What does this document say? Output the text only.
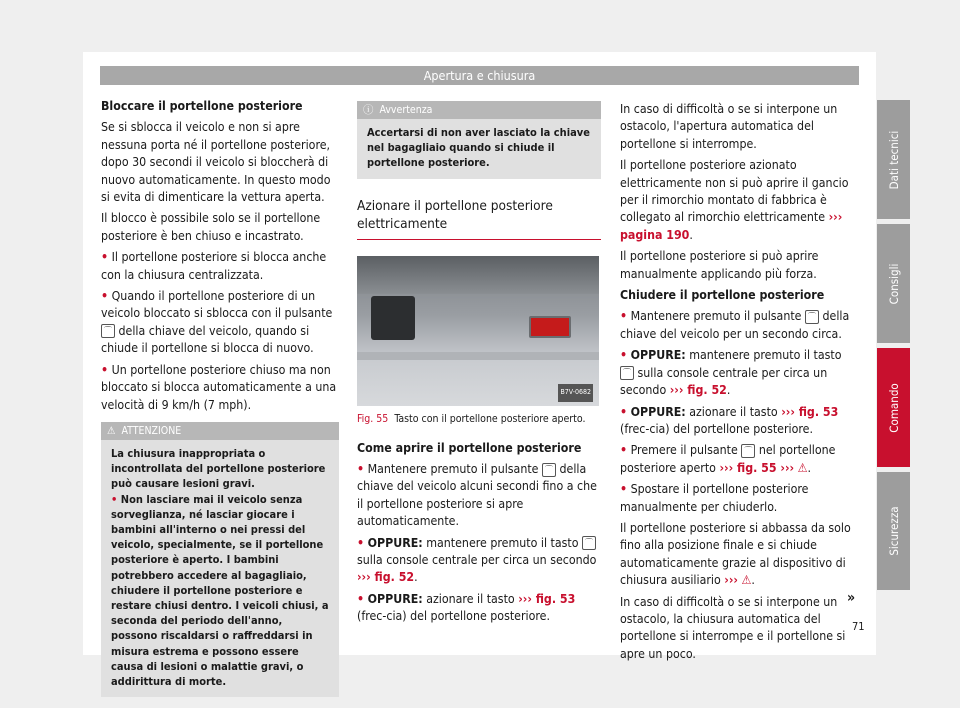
Apertura e chiusura

Bloccare il portellone posteriore

Se si sblocca il veicolo e non si apre nessuna porta né il portellone posteriore, dopo 30 secondi il veicolo si bloccherà di nuovo automaticamente. In questo modo si evita di dimenticare la vettura aperta.

Il blocco è possibile solo se il portellone posteriore è ben chiuso e incastrato.

• Il portellone posteriore si blocca anche con la chiusura centralizzata.

• Quando il portellone posteriore di un veicolo bloccato si sblocca con il pulsante ⌒ della chiave del veicolo, quando si chiude il portellone si blocca di nuovo.

• Un portellone posteriore chiuso ma non bloccato si blocca automaticamente a una velocità di 9 km/h (7 mph).

⚠ ATTENZIONE
La chiusura inappropriata o incontrollata del portellone posteriore può causare lesioni gravi.
• Non lasciare mai il veicolo senza sorveglianza, né lasciar giocare i bambini all'interno o nei pressi del veicolo, specialmente, se il portellone posteriore è aperto. I bambini potrebbero accedere al bagagliaio, chiudere il portellone posteriore e restare chiusi dentro. I veicoli chiusi, a seconda del periodo dell'anno, possono riscaldarsi o raffreddarsi in misura estrema e possono essere causa di lesioni o malattie gravi, o addirittura di morte.
ⓘ Avvertenza
Accertarsi di non aver lasciato la chiave nel bagagliaio quando si chiude il portellone posteriore.
Azionare il portellone posteriore elettricamente
B7V-0682
Fig. 55 Tasto con il portellone posteriore aperto.

Come aprire il portellone posteriore

• Mantenere premuto il pulsante ⌒ della chiave del veicolo alcuni secondi fino a che il portellone posteriore si apre automaticamente.

• OPPURE: mantenere premuto il tasto ⌒ sulla console centrale per circa un secondo ››› fig. 52.

• OPPURE: azionare il tasto ››› fig. 53 (frec-cia) del portellone posteriore.

In caso di difficoltà o se si interpone un ostacolo, l'apertura automatica del portellone si interrompe.

Il portellone posteriore azionato elettricamente non si può aprire il gancio per il rimorchio montato di fabbrica è collegato al rimorchio elettricamente ››› pagina 190.

Il portellone posteriore si può aprire manualmente applicando più forza.

Chiudere il portellone posteriore

• Mantenere premuto il pulsante ⌒ della chiave del veicolo per un secondo circa.

• OPPURE: mantenere premuto il tasto ⌒ sulla console centrale per circa un secondo ››› fig. 52.

• OPPURE: azionare il tasto ››› fig. 53 (frec-cia) del portellone posteriore.

• Premere il pulsante ⌒ nel portellone posteriore aperto ››› fig. 55 ››› ⚠.

• Spostare il portellone posteriore manualmente per chiuderlo.

Il portellone posteriore si abbassa da solo fino alla posizione finale e si chiude automaticamente grazie al dispositivo di chiusura ausiliario ››› ⚠.

In caso di difficoltà o se si interpone un ostacolo, la chiusura automatica del portellone si interrompe e il portellone si apre un poco.

»
Dati tecnici
Consigli
Comando
Sicurezza
71
